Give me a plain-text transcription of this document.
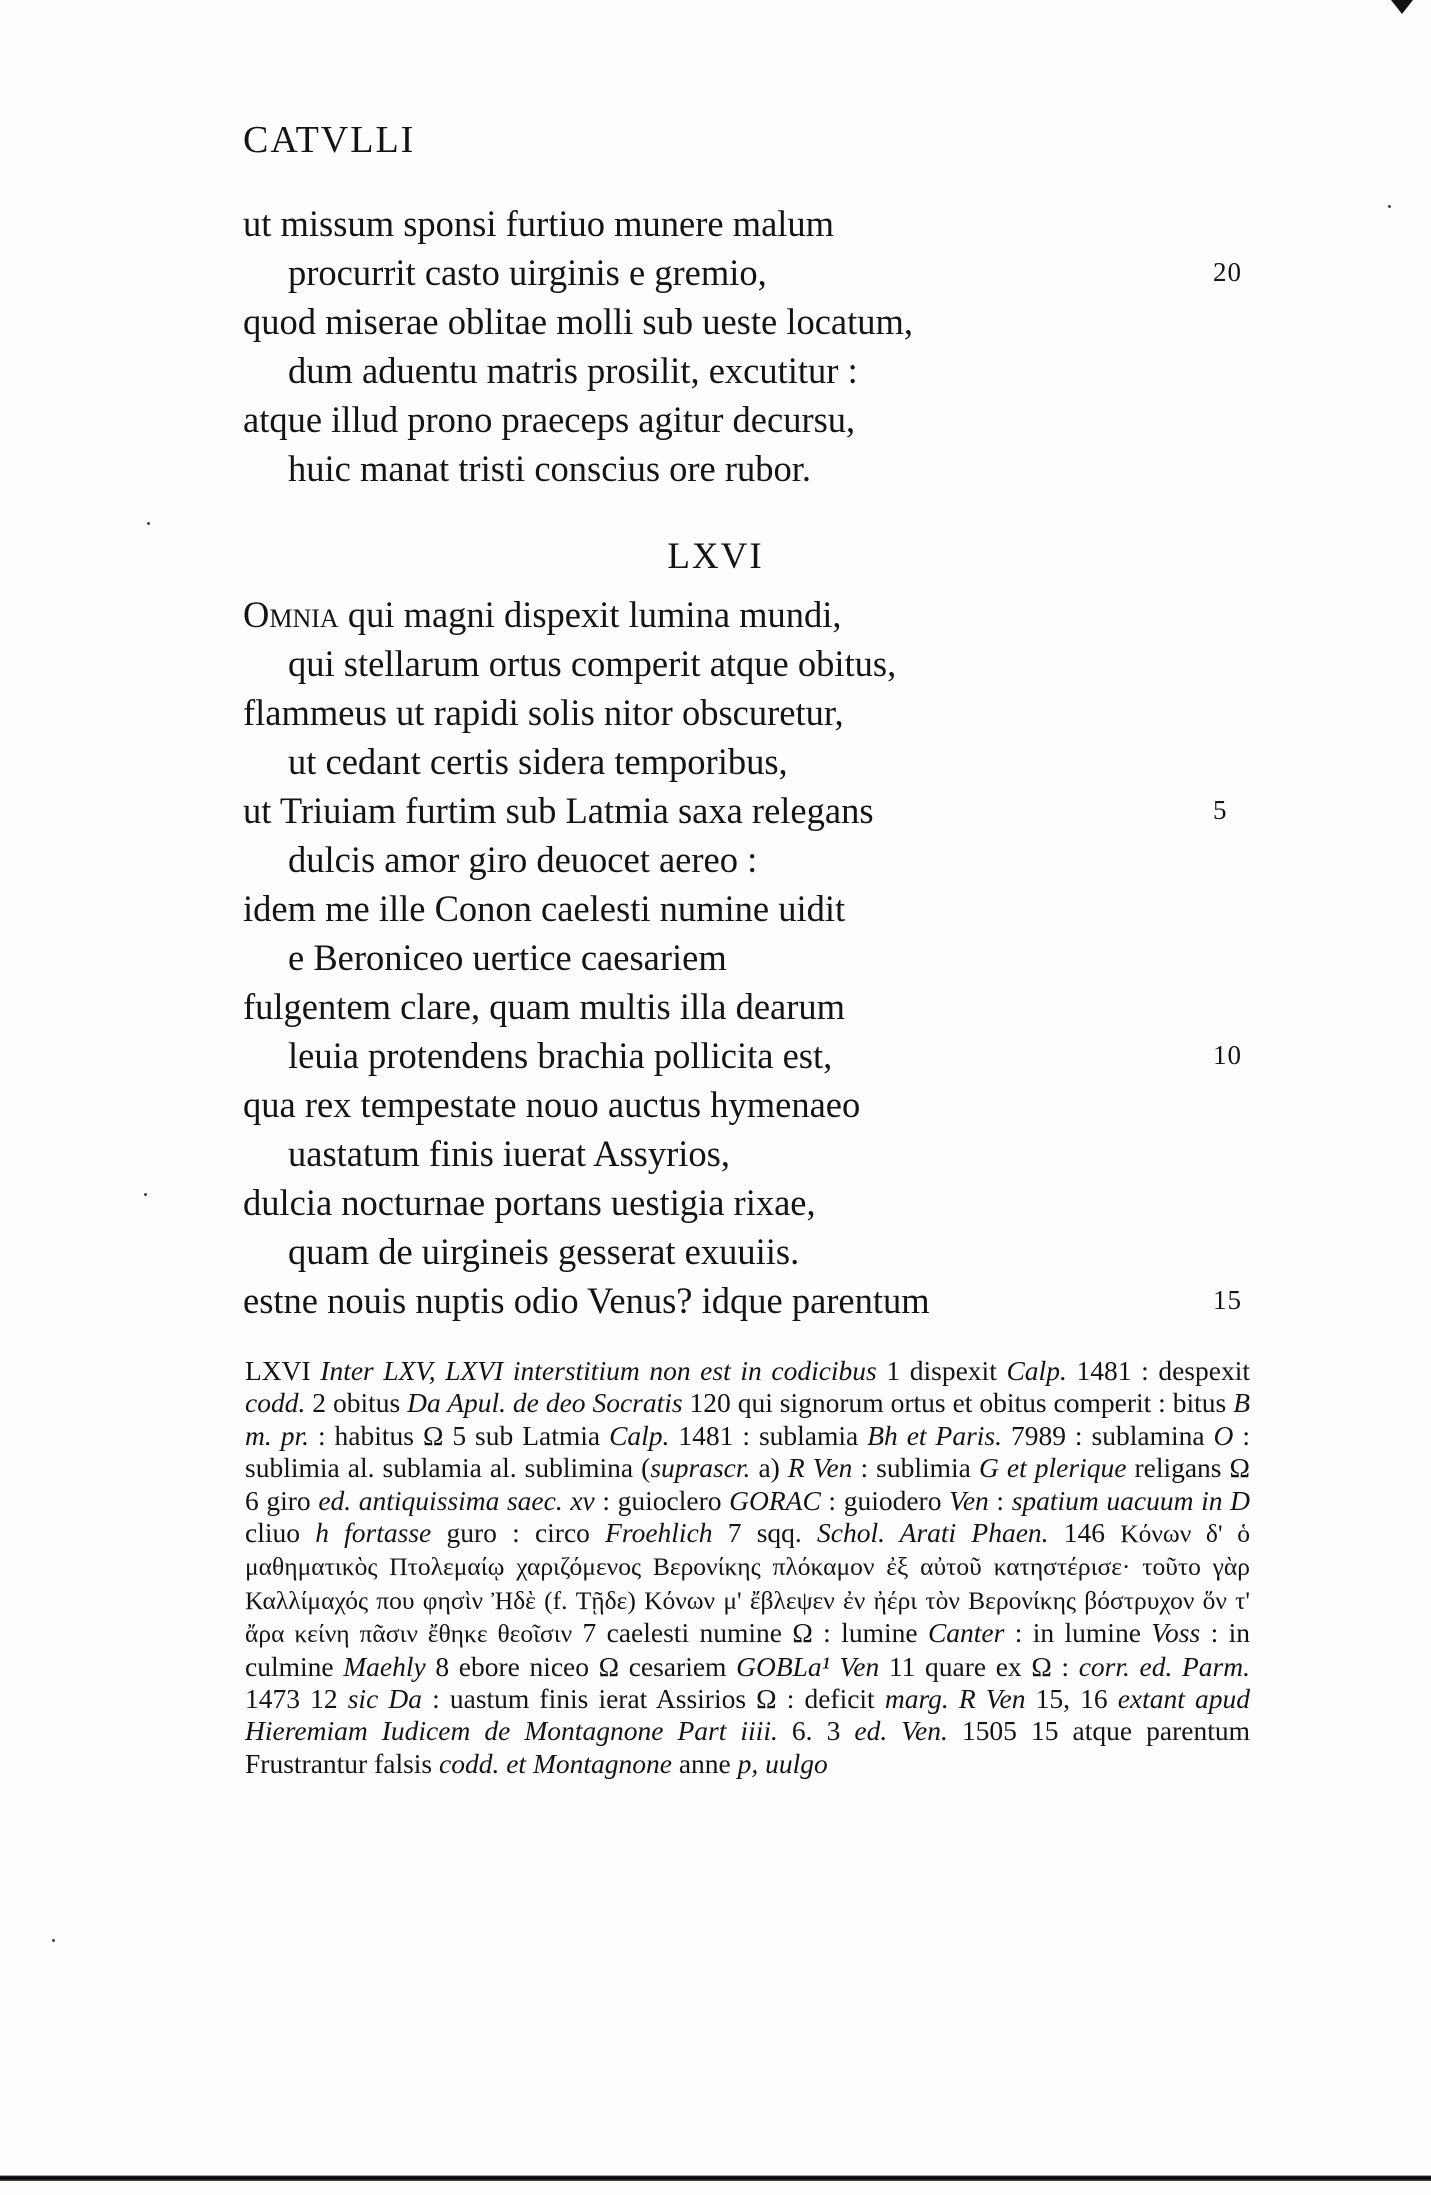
CATVLLI
ut missum sponsi furtiuo munere malum
procurrit casto uirginis e gremio,	20
quod miserae oblitae molli sub ueste locatum,
dum aduentu matris prosilit, excutitur :
atque illud prono praeceps agitur decursu,
huic manat tristi conscius ore rubor.
LXVI
Omnia qui magni dispexit lumina mundi,
qui stellarum ortus comperit atque obitus,
flammeus ut rapidi solis nitor obscuretur,
ut cedant certis sidera temporibus,
ut Triuiam furtim sub Latmia saxa relegans	5
dulcis amor giro deuocet aereo :
idem me ille Conon caelesti numine uidit
e Beroniceo uertice caesariem
fulgentem clare, quam multis illa dearum
leuia protendens brachia pollicita est,	10
qua rex tempestate nouo auctus hymenaeo
uastatum finis iuerat Assyrios,
dulcia nocturnae portans uestigia rixae,
quam de uirgineis gesserat exuuiis.
estne nouis nuptis odio Venus? idque parentum	15
LXVI Inter LXV, LXVI interstitium non est in codicibus 1 dispexit Calp. 1481 : despexit codd. 2 obitus Da Apul. de deo Socratis 120 qui signorum ortus et obitus comperit : bitus B m. pr. : habitus Ω 5 sub Latmia Calp. 1481 : sublamia Bh et Paris. 7989 : sublamina O : sublimia al. sublamia al. sublimina (suprascr. a) R Ven : sublimia G et plerique religans Ω 6 giro ed. antiquissima saec. xv : guioclero GORAC : guiodero Ven : spatium uacuum in D cliuo h fortasse guro : circo Froehlich 7 sqq. Schol. Arati Phaen. 146 Κόνων δ' ὁ μαθηματικὸς Πτολεμαίῳ χαριζόμενος Βερονίκης πλόκαμον ἐξ αὐτοῦ κατηστέρισε· τοῦτο γὰρ Καλλίμαχός που φησὶν Ἠδὲ (f. Τῇδε) Κόνων μ' ἔβλεψεν ἐν ἠέρι τὸν Βερονίκης βόστρυχον ὅν τ' ἄρα κείνη πᾶσιν ἔθηκε θεοῖσιν 7 caelesti numine Ω : lumine Canter : in lumine Voss : in culmine Maehly 8 ebore niceo Ω cesariem GOBLa¹ Ven 11 quare ex Ω : corr. ed. Parm. 1473 12 sic Da : uastum finis ierat Assirios Ω : deficit marg. R Ven 15, 16 extant apud Hieremiam Iudicem de Montagnone Part iiii. 6. 3 ed. Ven. 1505 15 atque parentum Frustrantur falsis codd. et Montagnone anne p, uulgo
